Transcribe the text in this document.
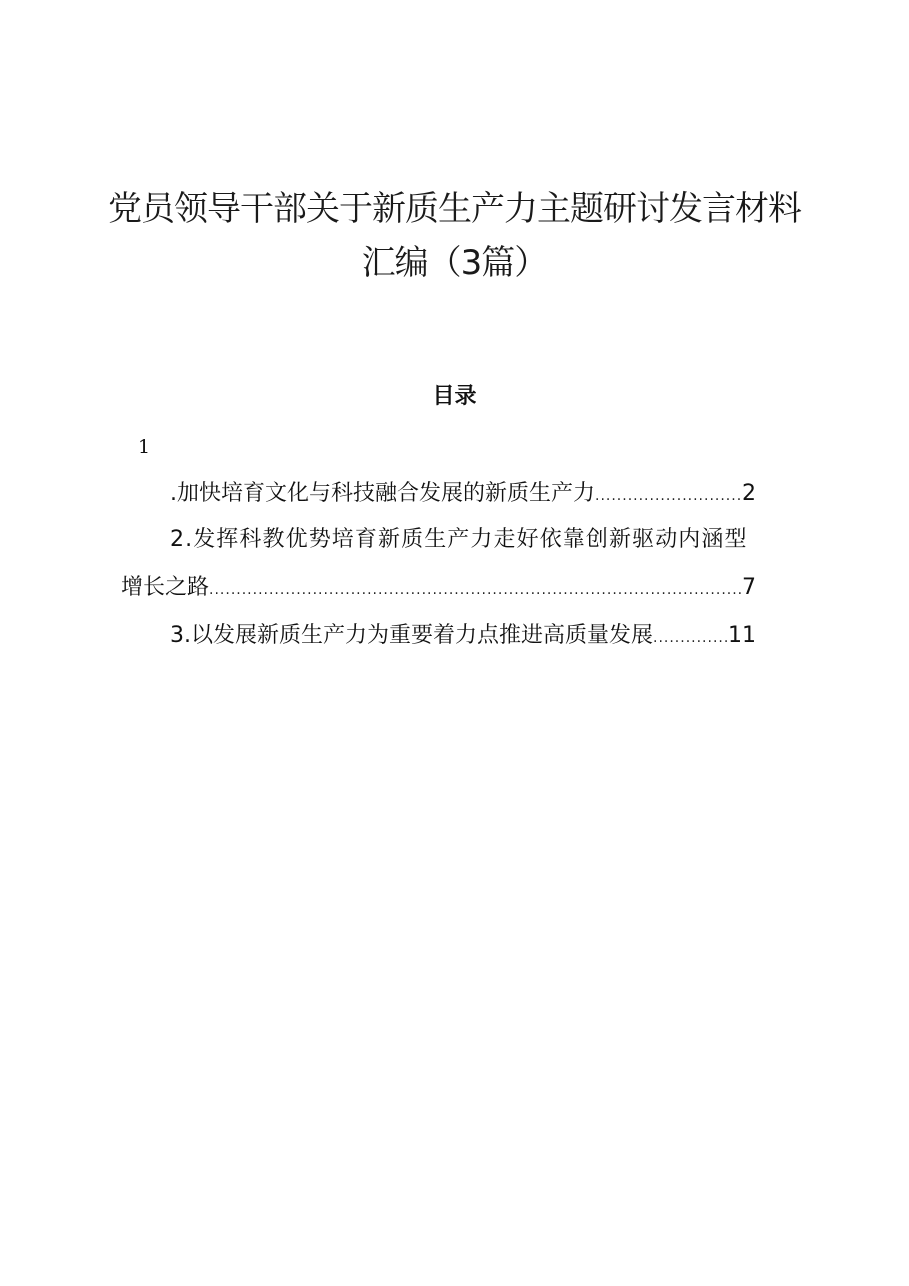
党员领导干部关于新质生产力主题研讨发言材料汇编（3篇）
目录
1
.加快培育文化与科技融合发展的新质生产力 .....	2
2.发挥科教优势培育新质生产力走好依靠创新驱动内涵型
增长之路 .....	7
3.以发展新质生产力为重要着力点推进高质量发展 .....	11
